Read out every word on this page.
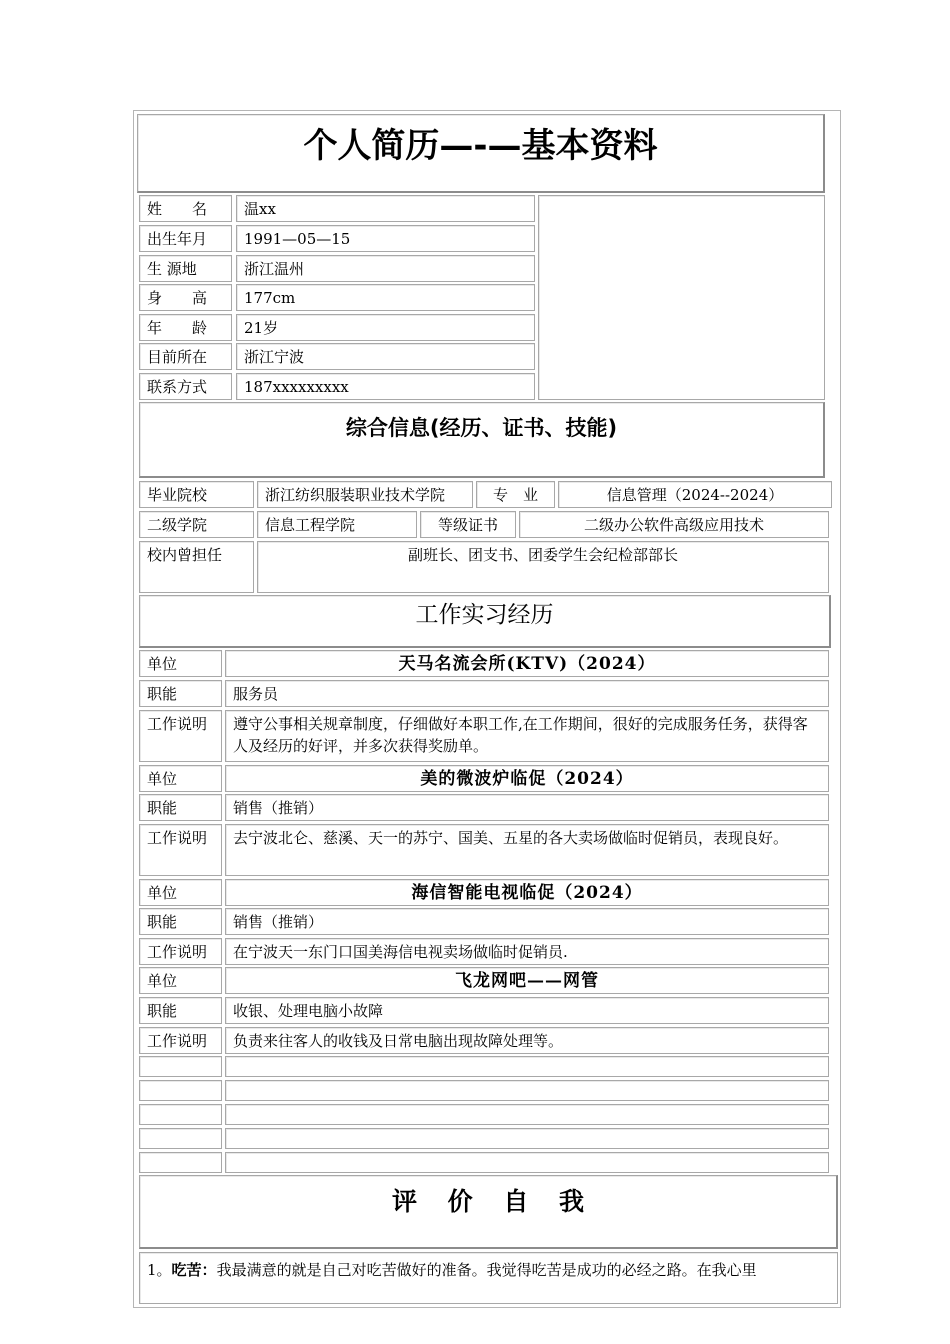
个人简历—-—基本资料
姓　　名	温xx
出生年月	1991—05—15
生 源地	浙江温州
身　　高	177cm
年　　龄	21岁
目前所在	浙江宁波
联系方式	187xxxxxxxxx
综合信息(经历、证书、技能)
毕业院校	浙江纺织服装职业技术学院	专　业	信息管理（2024--2024）
二级学院	信息工程学院	等级证书	二级办公软件高级应用技术
校内曾担任	副班长、团支书、团委学生会纪检部部长
工作实习经历
单位	天马名流会所(KTV)（2024）
职能	服务员
工作说明	遵守公事相关规章制度，仔细做好本职工作,在工作期间，很好的完成服务任务，获得客人及经历的好评，并多次获得奖励单。
单位	美的微波炉临促（2024）
职能	销售（推销）
工作说明	去宁波北仑、慈溪、天一的苏宁、国美、五星的各大卖场做临时促销员，表现良好。
单位	海信智能电视临促（2024）
职能	销售（推销）
工作说明	在宁波天一东门口国美海信电视卖场做临时促销员.
单位	飞龙网吧——网管
职能	收银、处理电脑小故障
工作说明	负责来往客人的收钱及日常电脑出现故障处理等。
评 价 自 我
1。吃苦：我最满意的就是自己对吃苦做好的准备。我觉得吃苦是成功的必经之路。在我心里
